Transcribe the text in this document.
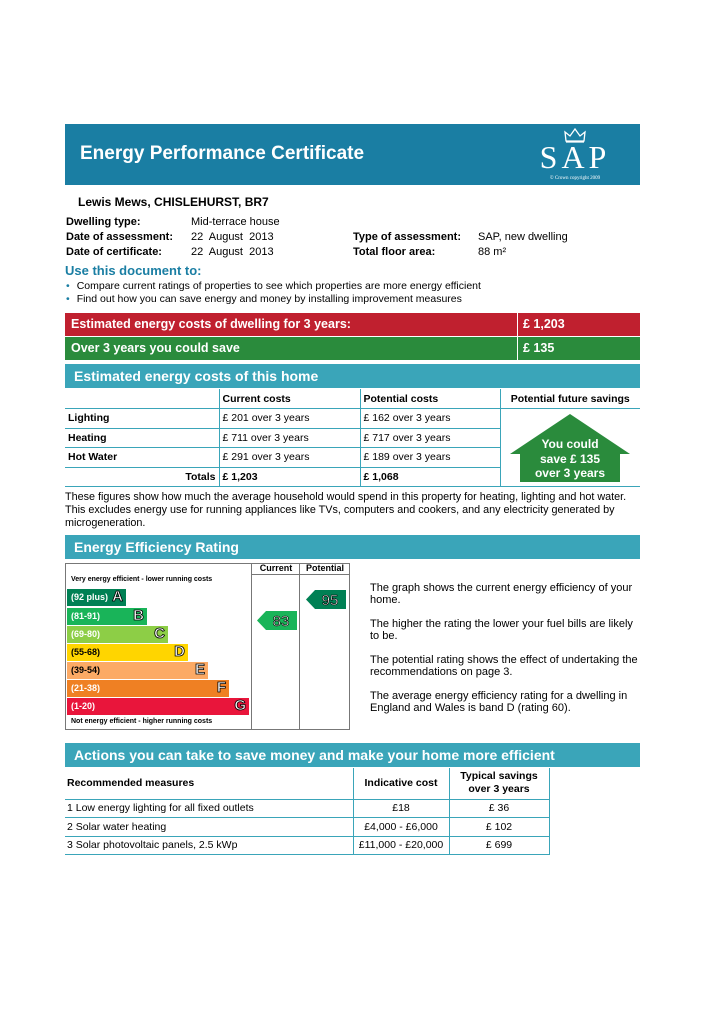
Energy Performance Certificate	SAP
© Crown copyright 2009
Lewis Mews, CHISLEHURST, BR7
Dwelling type:	Mid-terrace house
Date of assessment: 22  August  2013
Date of certificate:	22  August  2013
Type of assessment: SAP, new dwelling
Total floor area:	88 m²
Use this document to:
• Compare current ratings of properties to see which properties are more energy efficient
• Find out how you can save energy and money by installing improvement measures
Estimated energy costs of dwelling for 3 years:	£ 1,203
Over 3 years you could save	£ 135
Estimated energy costs of this home
	Current costs	Potential costs	Potential future savings
Lighting	£ 201 over 3 years	£ 162 over 3 years	
Heating	£ 711 over 3 years	£ 717 over 3 years	
Hot Water	£ 291 over 3 years	£ 189 over 3 years	
Totals	£ 1,203	£ 1,068	
You could
save £ 135
over 3 years
These figures show how much the average household would spend in this property for heating, lighting and hot water. This excludes energy use for running appliances like TVs, computers and cookers, and any electricity generated by microgeneration.
Energy Efficiency Rating
Current	Potential
Very energy efficient - lower running costs
(92 plus) A
(81-91) B
(69-80)	C
(55-68)	D
(39-54)	E
(21-38)	F
(1-20)	G
Not energy efficient - higher running costs
83
95
The graph shows the current energy efficiency of your home.
The higher the rating the lower your fuel bills are likely to be.
The potential rating shows the effect of undertaking the recommendations on page 3.
The average energy efficiency rating for a dwelling in England and Wales is band D (rating 60).
Actions you can take to save money and make your home more efficient
Recommended measures	Indicative cost	Typical savings over 3 years
1 Low energy lighting for all fixed outlets	£18	£ 36
2 Solar water heating	£4,000 - £6,000	£ 102
3 Solar photovoltaic panels, 2.5 kWp	£11,000 - £20,000	£ 699
